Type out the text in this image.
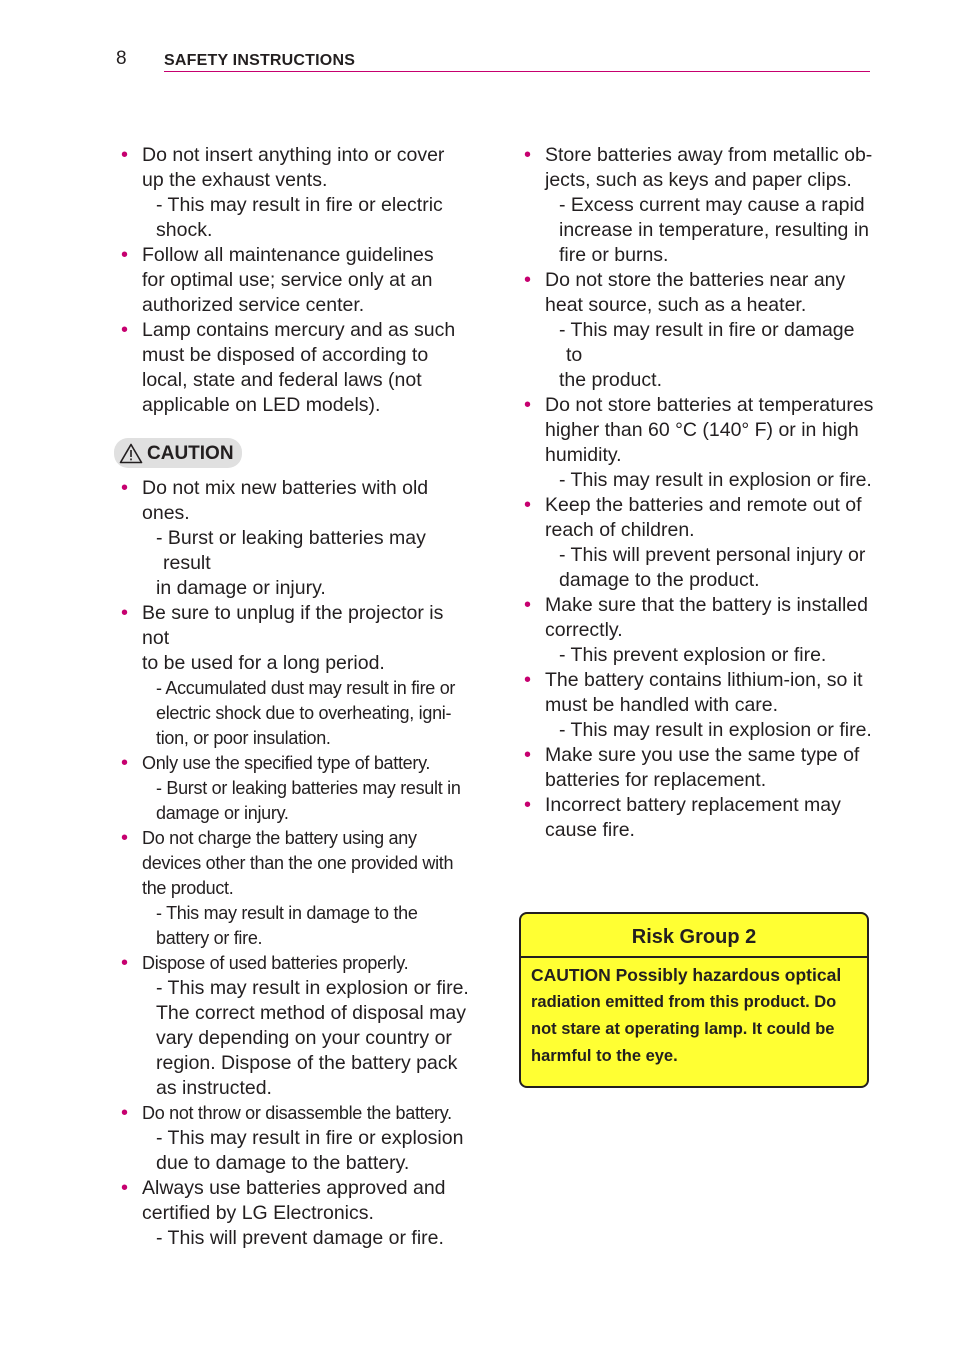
8 SAFETY INSTRUCTIONS
• Do not insert anything into or cover
up the exhaust vents.
- This may result in fire or electric
shock.
• Follow all maintenance guidelines
for optimal use; service only at an
authorized service center.
• Lamp contains mercury and as such
must be disposed of according to
local, state and federal laws (not
applicable on LED models).
CAUTION
• Do not mix new batteries with old
ones.
- Burst or leaking batteries may result
in damage or injury.
• Be sure to unplug if the projector is not
to be used for a long period.
- Accumulated dust may result in fire or
electric shock due to overheating, igni-
tion, or poor insulation.
• Only use the specified type of battery.
- Burst or leaking batteries may result in
damage or injury.
• Do not charge the battery using any
devices other than the one provided with
the product.
- This may result in damage to the
battery or fire.
• Dispose of used batteries properly.
- This may result in explosion or fire.
The correct method of disposal may
vary depending on your country or
region. Dispose of the battery pack
as instructed.
• Do not throw or disassemble the battery.
- This may result in fire or explosion
due to damage to the battery.
• Always use batteries approved and
certified by LG Electronics.
- This will prevent damage or fire.
• Store batteries away from metallic ob-
jects, such as keys and paper clips.
- Excess current may cause a rapid
increase in temperature, resulting in
fire or burns.
• Do not store the batteries near any
heat source, such as a heater.
- This may result in fire or damage to
the product.
• Do not store batteries at temperatures
higher than 60 °C (140° F) or in high
humidity.
- This may result in explosion or fire.
• Keep the batteries and remote out of
reach of children.
- This will prevent personal injury or
damage to the product.
• Make sure that the battery is installed
correctly.
- This prevent explosion or fire.
• The battery contains lithium-ion, so it
must be handled with care.
- This may result in explosion or fire.
• Make sure you use the same type of
batteries for replacement.
• Incorrect battery replacement may
cause fire.
Risk Group 2
CAUTION Possibly hazardous optical
radiation emitted from this product. Do
not stare at operating lamp. It could be
harmful to the eye.
